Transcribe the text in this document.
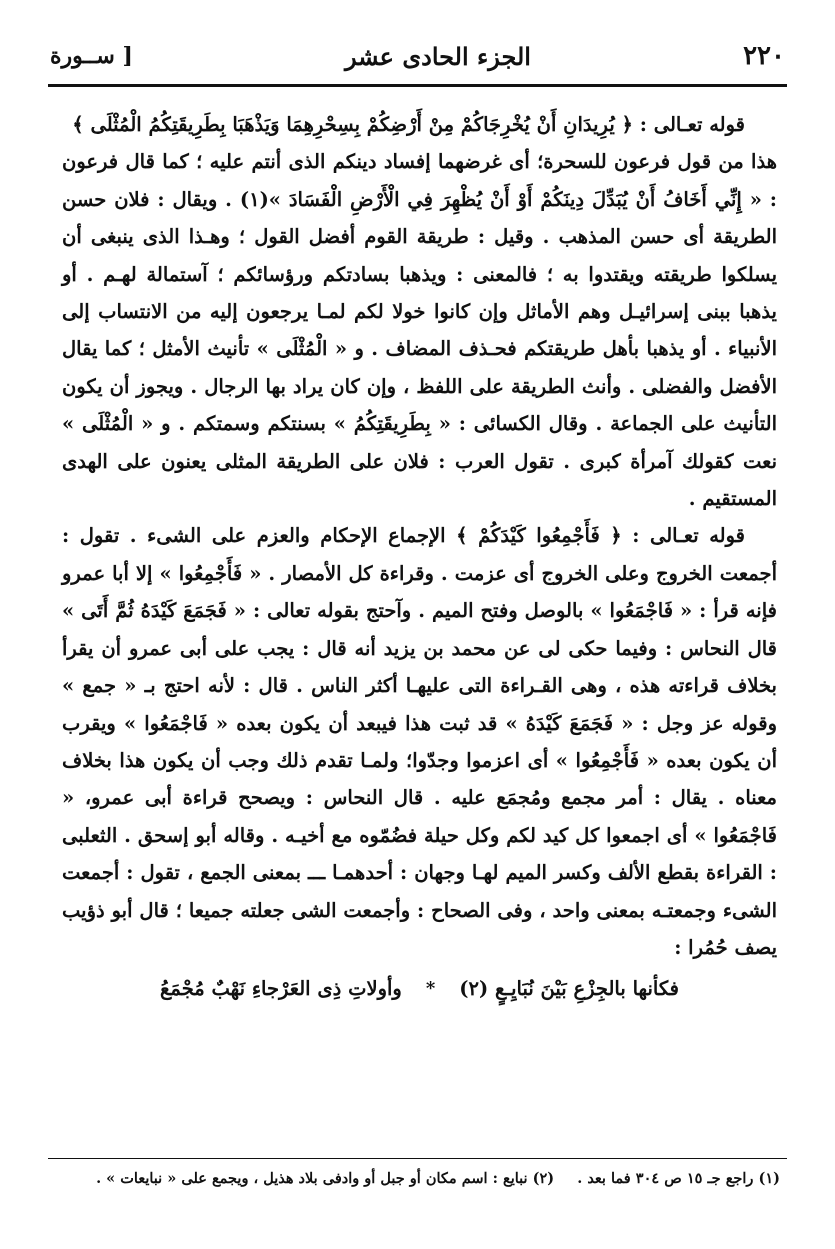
٢٢٠
الجزء الحادى عشر
[ ســورة

قوله تعـالى : ﴿ يُرِيدَانِ أَنْ يُخْرِجَاكُمْ مِنْ أَرْضِكُمْ بِسِحْرِهِمَا وَيَذْهَبَا بِطَرِيقَتِكُمُ الْمُثْلَى ﴾

هذا من قول فرعون للسحرة؛ أى غرضهما إفساد دينكم الذى أنتم عليه ؛ كما قال فرعون : « إِنِّي أَخَافُ أَنْ يُبَدِّلَ دِينَكُمْ أَوْ أَنْ يُظْهِرَ فِي الْأَرْضِ الْفَسَادَ »(١) . ويقال : فلان حسن الطريقة أى حسن المذهب . وقيل : طريقة القوم أفضل القول ؛ وهـذا الذى ينبغى أن يسلكوا طريقته ويقتدوا به ؛ فالمعنى : ويذهبا بسادتكم ورؤسائكم ؛ آستمالة لهـم . أو يذهبا ببنى إسرائيـل وهم الأماثل وإن كانوا خولا لكم لمـا يرجعون إليه من الانتساب إلى الأنبياء . أو يذهبا بأهل طريقتكم فحـذف المضاف . و « الْمُثْلَى » تأنيث الأمثل ؛ كما يقال الأفضل والفضلى . وأنث الطريقة على اللفظ ، وإن كان يراد بها الرجال . ويجوز أن يكون التأنيث على الجماعة . وقال الكسائى : « بِطَرِيقَتِكُمُ » بسنتكم وسمتكم . و « الْمُثْلَى » نعت كقولك آمرأة كبرى . تقول العرب : فلان على الطريقة المثلى يعنون على الهدى المستقيم .

قوله تعـالى : ﴿ فَأَجْمِعُوا كَيْدَكُمْ ﴾ الإجماع الإحكام والعزم على الشىء . تقول : أجمعت الخروج وعلى الخروج أى عزمت . وقراءة كل الأمصار . « فَأَجْمِعُوا » إلا أبا عمرو فإنه قرأ : « فَاجْمَعُوا » بالوصل وفتح الميم . وآحتج بقوله تعالى : « فَجَمَعَ كَيْدَهُ ثُمَّ أَتَى » قال النحاس : وفيما حكى لى عن محمد بن يزيد أنه قال : يجب على أبى عمرو أن يقرأ بخلاف قراءته هذه ، وهى القـراءة التى عليهـا أكثر الناس . قال : لأنه احتج بـ « جمع » وقوله عز وجل : « فَجَمَعَ كَيْدَهُ » قد ثبت هذا فيبعد أن يكون بعده « فَاجْمَعُوا » ويقرب أن يكون بعده « فَأَجْمِعُوا » أى اعزموا وجدّوا؛ ولمـا تقدم ذلك وجب أن يكون هذا بخلاف معناه . يقال : أمر مجمع ومُجمَع عليه . قال النحاس : ويصحح قراءة أبى عمرو، « فَاجْمَعُوا » أى اجمعوا كل كيد لكم وكل حيلة فضُمّوه مع أخيـه . وقاله أبو إسحق . الثعلبى : القراءة بقطع الألف وكسر الميم لهـا وجهان : أحدهمـا ـــ بمعنى الجمع ، تقول : أجمعت الشىء وجمعتـه بمعنى واحد ، وفى الصحاح : وأجمعت الشى جعلته جميعا ؛ قال أبو ذؤيب يصف حُمُرا :

فكأنها بالجِزْعِ بَيْنَ نُبَايِـعٍ (٢)
*
وأولاتِ ذِى العَرْجاءِ نَهْبٌ مُجْمَعُ
(١) راجع جـ ١٥ ص ٣٠٤ فما بعد . (٢) نبايع : اسم مكان أو جبل أو وادفى بلاد هذيل ، ويجمع على « نبايعات » .
